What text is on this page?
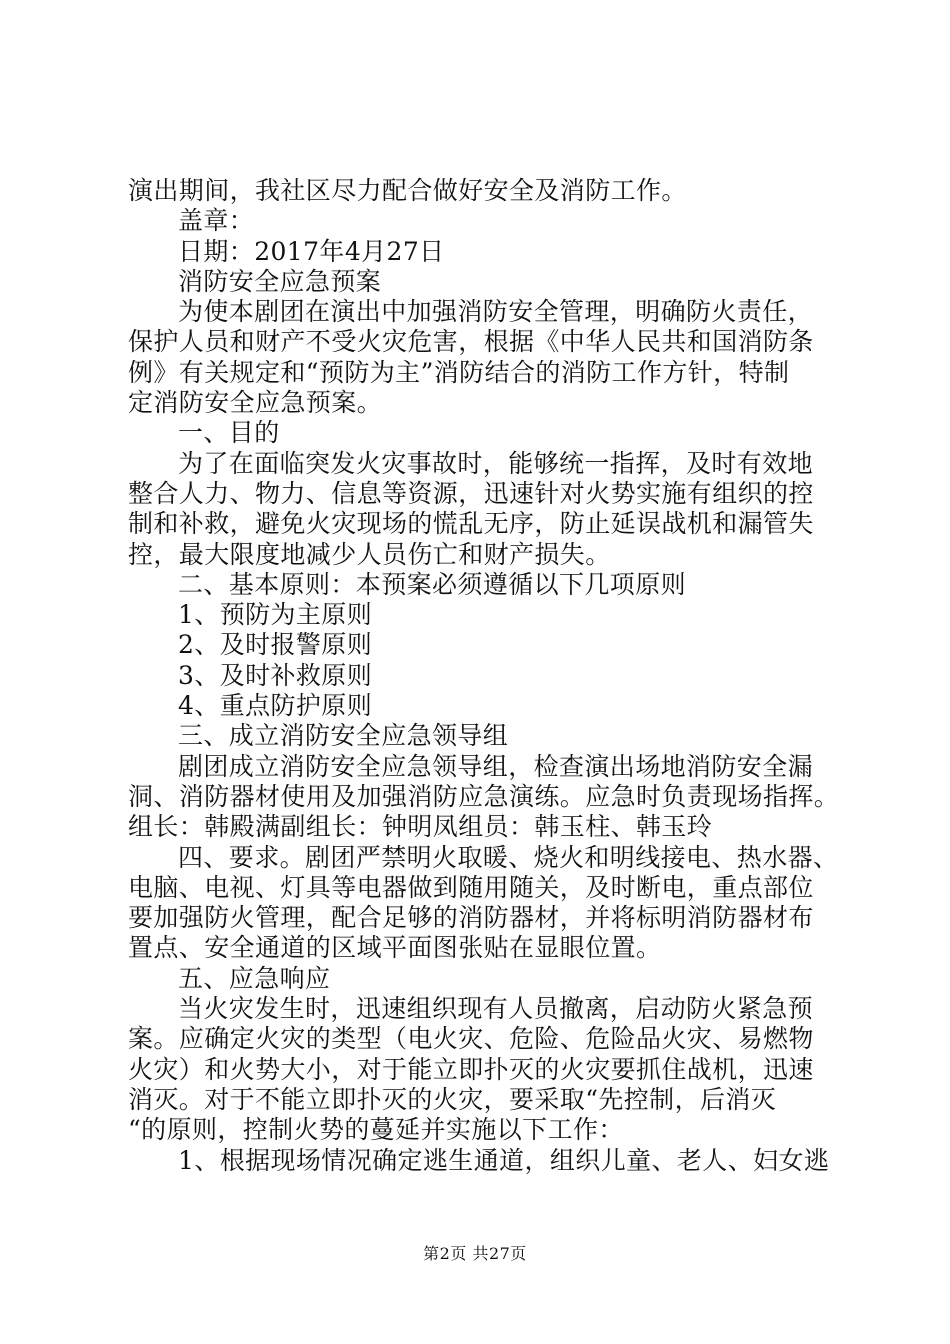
演出期间，我社区尽力配合做好安全及消防工作。
盖章：
日期：2017年4月27日
消防安全应急预案
为使本剧团在演出中加强消防安全管理，明确防火责任，
保护人员和财产不受火灾危害，根据《中华人民共和国消防条
例》有关规定和“预防为主”消防结合的消防工作方针，特制
定消防安全应急预案。
一、目的
为了在面临突发火灾事故时，能够统一指挥，及时有效地
整合人力、物力、信息等资源，迅速针对火势实施有组织的控
制和补救，避免火灾现场的慌乱无序，防止延误战机和漏管失
控，最大限度地减少人员伤亡和财产损失。
二、基本原则：本预案必须遵循以下几项原则
1、预防为主原则
2、及时报警原则
3、及时补救原则
4、重点防护原则
三、成立消防安全应急领导组
剧团成立消防安全应急领导组，检查演出场地消防安全漏
洞、消防器材使用及加强消防应急演练。应急时负责现场指挥。
组长：韩殿满副组长：钟明凤组员：韩玉柱、韩玉玲
四、要求。剧团严禁明火取暖、烧火和明线接电、热水器、
电脑、电视、灯具等电器做到随用随关，及时断电，重点部位
要加强防火管理，配合足够的消防器材，并将标明消防器材布
置点、安全通道的区域平面图张贴在显眼位置。
五、应急响应
当火灾发生时，迅速组织现有人员撤离，启动防火紧急预
案。应确定火灾的类型（电火灾、危险、危险品火灾、易燃物
火灾）和火势大小，对于能立即扑灭的火灾要抓住战机，迅速
消灭。对于不能立即扑灭的火灾，要采取“先控制，后消灭
“的原则，控制火势的蔓延并实施以下工作：
1、根据现场情况确定逃生通道，组织儿童、老人、妇女逃
第2页 共27页
